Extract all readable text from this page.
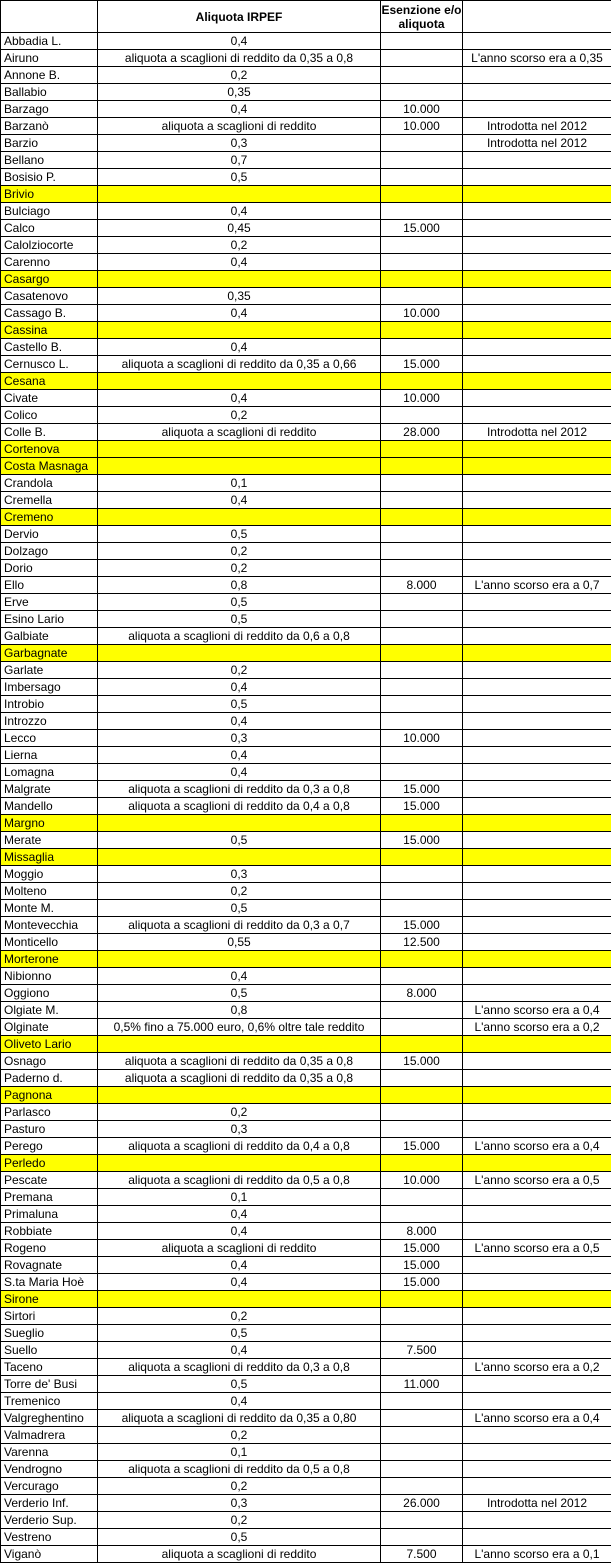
	Aliquota IRPEF	Esenzione e/o aliquota	
Abbadia L.	0,4		
Airuno	aliquota a scaglioni di reddito da 0,35 a 0,8		L'anno scorso era a 0,35
Annone B.	0,2		
Ballabio	0,35		
Barzago	0,4	10.000	
Barzanò	aliquota a scaglioni di reddito	10.000	Introdotta nel 2012
Barzio	0,3		Introdotta nel 2012
Bellano	0,7		
Bosisio P.	0,5		
Brivio			
Bulciago	0,4		
Calco	0,45	15.000	
Calolziocorte	0,2		
Carenno	0,4		
Casargo			
Casatenovo	0,35		
Cassago B.	0,4	10.000	
Cassina			
Castello B.	0,4		
Cernusco L.	aliquota a scaglioni di reddito da 0,35 a 0,66	15.000	
Cesana			
Civate	0,4	10.000	
Colico	0,2		
Colle B.	aliquota a scaglioni di reddito	28.000	Introdotta nel 2012
Cortenova			
Costa Masnaga			
Crandola	0,1		
Cremella	0,4		
Cremeno			
Dervio	0,5		
Dolzago	0,2		
Dorio	0,2		
Ello	0,8	8.000	L'anno scorso era a 0,7
Erve	0,5		
Esino Lario	0,5		
Galbiate	aliquota a scaglioni di reddito da 0,6 a 0,8		
Garbagnate			
Garlate	0,2		
Imbersago	0,4		
Introbio	0,5		
Introzzo	0,4		
Lecco	0,3	10.000	
Lierna	0,4		
Lomagna	0,4		
Malgrate	aliquota a scaglioni di reddito da 0,3 a 0,8	15.000	
Mandello	aliquota a scaglioni di reddito da 0,4 a 0,8	15.000	
Margno			
Merate	0,5	15.000	
Missaglia			
Moggio	0,3		
Molteno	0,2		
Monte M.	0,5		
Montevecchia	aliquota a scaglioni di reddito da 0,3 a 0,7	15.000	
Monticello	0,55	12.500	
Morterone			
Nibionno	0,4		
Oggiono	0,5	8.000	
Olgiate M.	0,8		L'anno scorso era a 0,4
Olginate	0,5% fino a 75.000 euro, 0,6% oltre tale reddito		L'anno scorso era a 0,2
Oliveto Lario			
Osnago	aliquota a scaglioni di reddito da 0,35 a 0,8	15.000	
Paderno d.	aliquota a scaglioni di reddito da 0,35 a 0,8		
Pagnona			
Parlasco	0,2		
Pasturo	0,3		
Perego	aliquota a scaglioni di reddito da 0,4 a 0,8	15.000	L'anno scorso era a 0,4
Perledo			
Pescate	aliquota a scaglioni di reddito da 0,5 a 0,8	10.000	L'anno scorso era a 0,5
Premana	0,1		
Primaluna	0,4		
Robbiate	0,4	8.000	
Rogeno	aliquota a scaglioni di reddito	15.000	L'anno scorso era a 0,5
Rovagnate	0,4	15.000	
S.ta Maria Hoè	0,4	15.000	
Sirone			
Sirtori	0,2		
Sueglio	0,5		
Suello	0,4	7.500	
Taceno	aliquota a scaglioni di reddito da 0,3 a 0,8		L'anno scorso era a 0,2
Torre de' Busi	0,5	11.000	
Tremenico	0,4		
Valgreghentino	aliquota a scaglioni di reddito da 0,35 a 0,80		L'anno scorso era a 0,4
Valmadrera	0,2		
Varenna	0,1		
Vendrogno	aliquota a scaglioni di reddito da 0,5 a 0,8		
Vercurago	0,2		
Verderio Inf.	0,3	26.000	Introdotta nel 2012
Verderio Sup.	0,2		
Vestreno	0,5		
Viganò	aliquota a scaglioni di reddito	7.500	L'anno scorso era a 0,1
